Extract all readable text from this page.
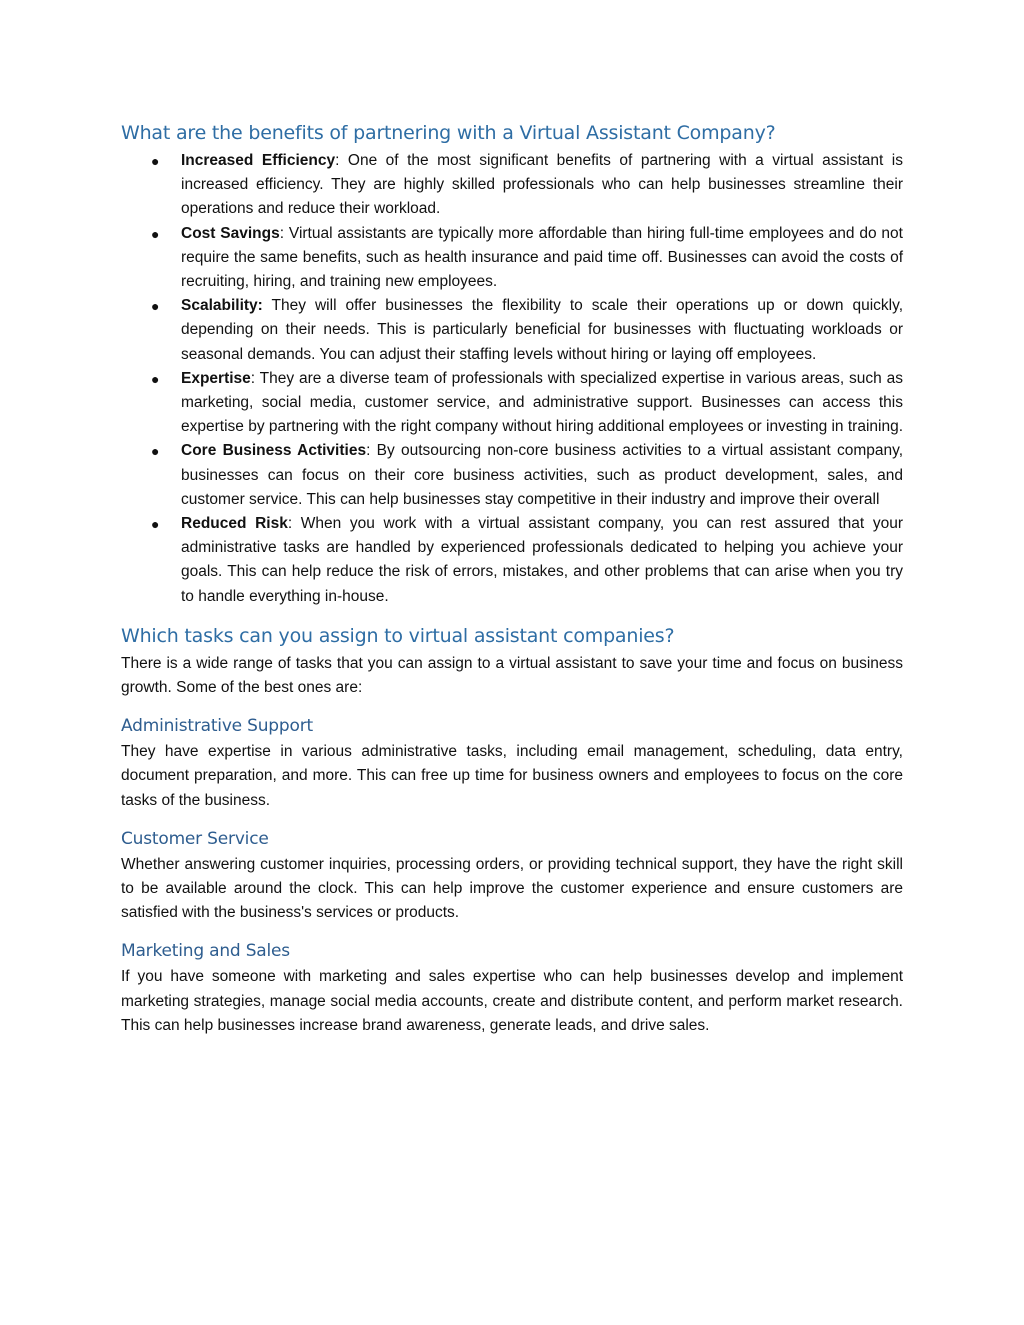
What are the benefits of partnering with a Virtual Assistant Company?
● Increased Efficiency: One of the most significant benefits of partnering with a virtual assistant is increased efficiency. They are highly skilled professionals who can help businesses streamline their operations and reduce their workload.
● Cost Savings: Virtual assistants are typically more affordable than hiring full-time employees and do not require the same benefits, such as health insurance and paid time off. Businesses can avoid the costs of recruiting, hiring, and training new employees.
● Scalability: They will offer businesses the flexibility to scale their operations up or down quickly, depending on their needs. This is particularly beneficial for businesses with fluctuating workloads or seasonal demands. You can adjust their staffing levels without hiring or laying off employees.
● Expertise: They are a diverse team of professionals with specialized expertise in various areas, such as marketing, social media, customer service, and administrative support. Businesses can access this expertise by partnering with the right company without hiring additional employees or investing in training.
● Core Business Activities: By outsourcing non-core business activities to a virtual assistant company, businesses can focus on their core business activities, such as product development, sales, and customer service. This can help businesses stay competitive in their industry and improve their overall
● Reduced Risk: When you work with a virtual assistant company, you can rest assured that your administrative tasks are handled by experienced professionals dedicated to helping you achieve your goals. This can help reduce the risk of errors, mistakes, and other problems that can arise when you try to handle everything in-house.
Which tasks can you assign to virtual assistant companies?

There is a wide range of tasks that you can assign to a virtual assistant to save your time and focus on business growth. Some of the best ones are:

Administrative Support

They have expertise in various administrative tasks, including email management, scheduling, data entry, document preparation, and more. This can free up time for business owners and employees to focus on the core tasks of the business.

Customer Service

Whether answering customer inquiries, processing orders, or providing technical support, they have the right skill to be available around the clock. This can help improve the customer experience and ensure customers are satisfied with the business's services or products.

Marketing and Sales

If you have someone with marketing and sales expertise who can help businesses develop and implement marketing strategies, manage social media accounts, create and distribute content, and perform market research. This can help businesses increase brand awareness, generate leads, and drive sales.
